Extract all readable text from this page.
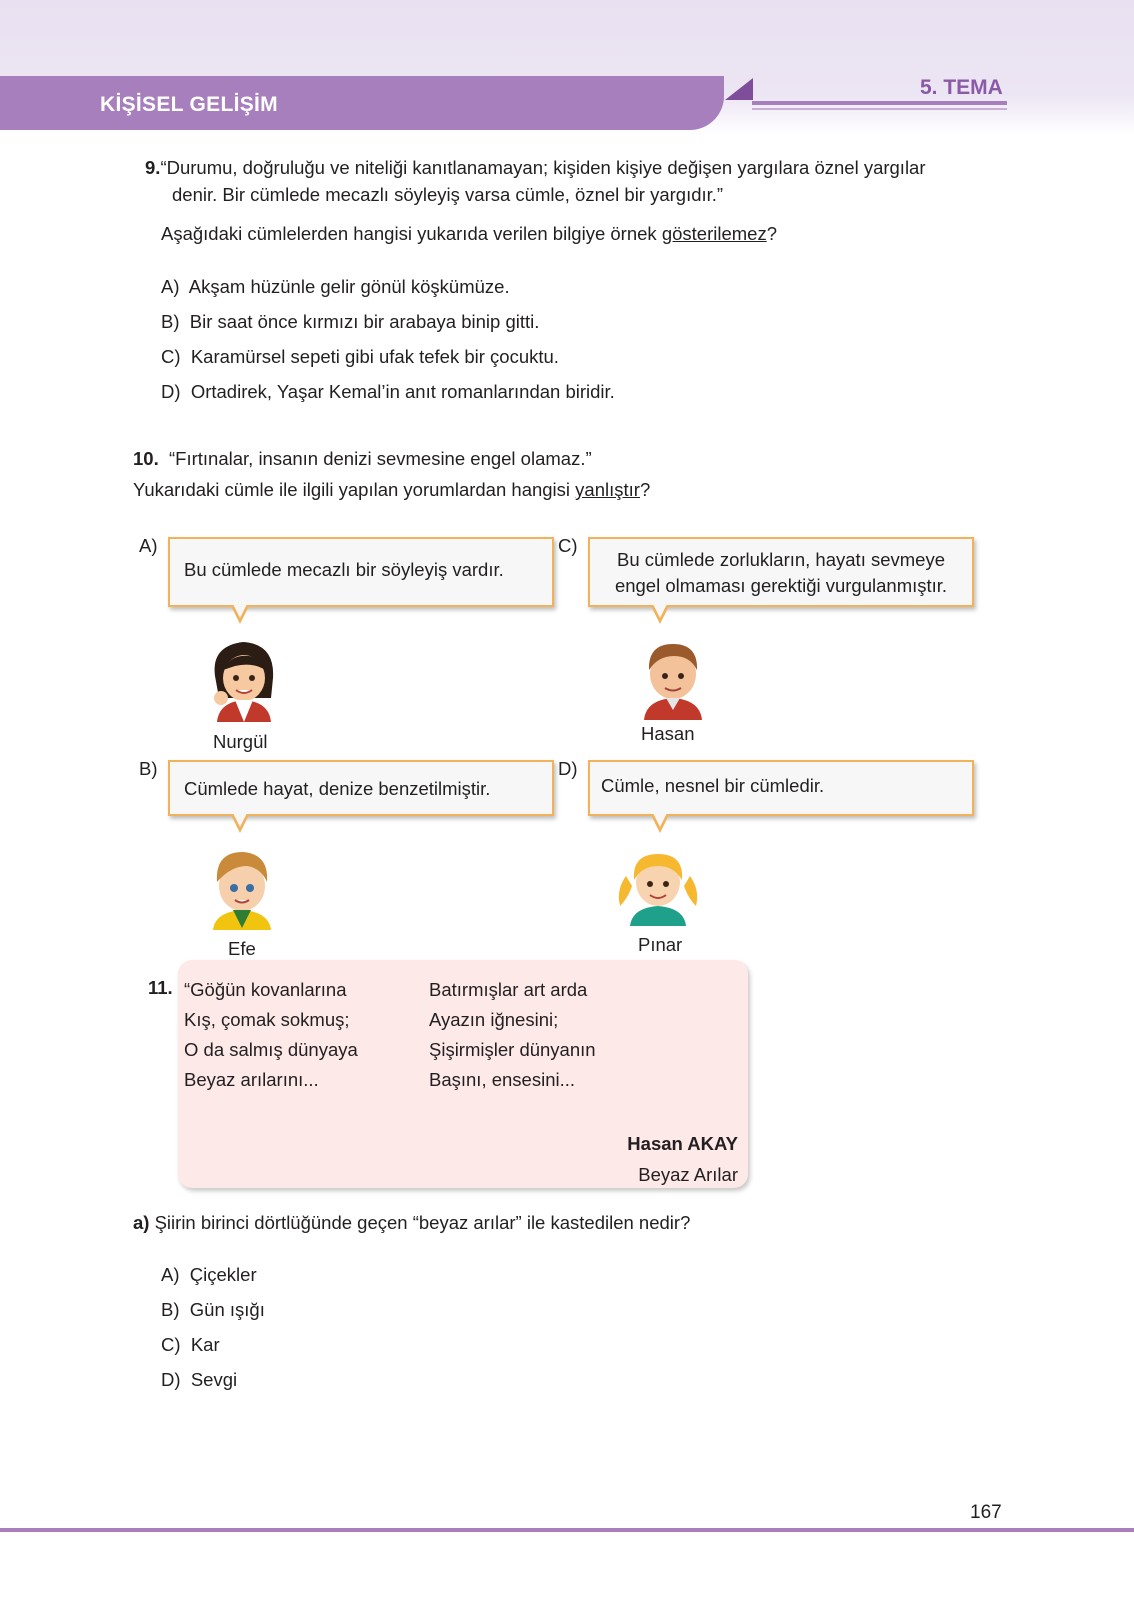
KİŞİSEL GELİŞİM
5. TEMA
9.“Durumu, doğruluğu ve niteliği kanıtlanamayan; kişiden kişiye değişen yargılara öznel yargılar
denir. Bir cümlede mecazlı söyleyiş varsa cümle, öznel bir yargıdır.”
Aşağıdaki cümlelerden hangisi yukarıda verilen bilgiye örnek gösterilemez?
A) Akşam hüzünle gelir gönül köşkümüze.
B) Bir saat önce kırmızı bir arabaya binip gitti.
C) Karamürsel sepeti gibi ufak tefek bir çocuktu.
D) Ortadirek, Yaşar Kemal’in anıt romanlarından biridir.
10. “Fırtınalar, insanın denizi sevmesine engel olamaz.”
Yukarıdaki cümle ile ilgili yapılan yorumlardan hangisi yanlıştır?
A)
Bu cümlede mecazlı bir söyleyiş vardır.
Nurgül
C)
Bu cümlede zorlukların, hayatı sevmeye
engel olmaması gerektiği vurgulanmıştır.
Hasan
B)
Cümlede hayat, denize benzetilmiştir.
Efe
D)
Cümle, nesnel bir cümledir.
Pınar
11. “Göğün kovanlarına
Kış, çomak sokmuş;
O da salmış dünyaya
Beyaz arılarını...
Batırmışlar art arda
Ayazın iğnesini;
Şişirmişler dünyanın
Başını, ensesini...
Hasan AKAY
Beyaz Arılar
a) Şiirin birinci dörtlüğünde geçen “beyaz arılar” ile kastedilen nedir?
A) Çiçekler
B) Gün ışığı
C) Kar
D) Sevgi
167
